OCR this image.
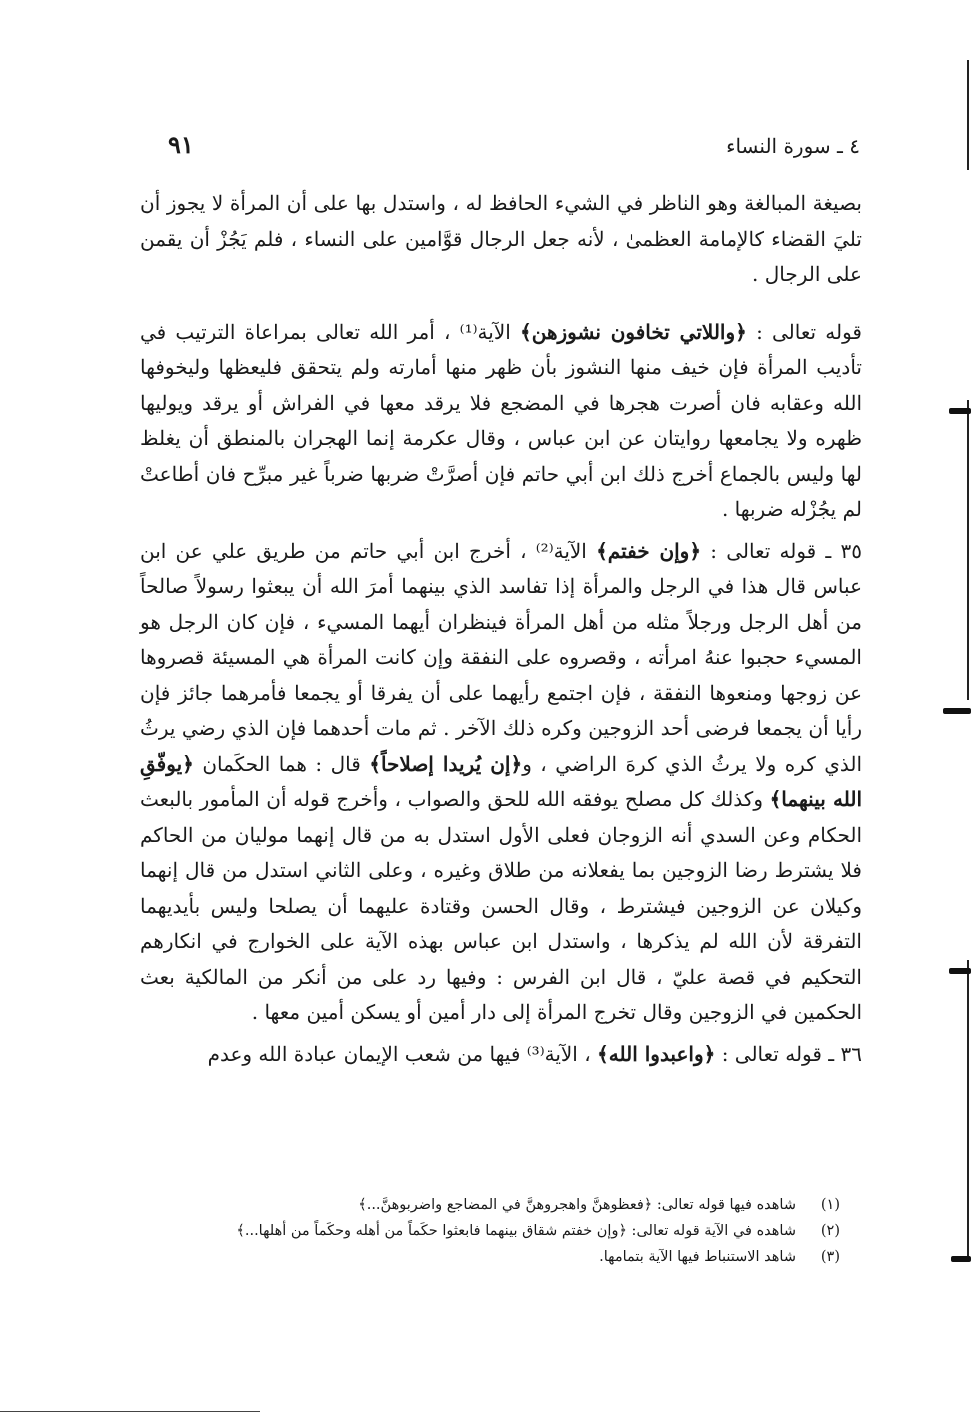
٩١	٤ ـ سورة النساء

بصيغة المبالغة وهو الناظر في الشيء الحافظ له ، واستدل بها على أن المرأة لا يجوز أن تليَ القضاء كالإمامة العظمىٰ ، لأنه جعل الرجال قوَّامين على النساء ، فلم يَجُزْ أن يقمن على الرجال .

قوله تعالى : ﴿واللاتي تخافون نشوزهن﴾ الآية⁽¹⁾ ، أمر الله تعالى بمراعاة الترتيب في تأديب المرأة فإن خيف منها النشوز بأن ظهر منها أمارته ولم يتحقق فليعظها وليخوفها الله وعقابه فان أصرت هجرها في المضجع فلا يرقد معها في الفراش أو يرقد ويوليها ظهره ولا يجامعها روايتان عن ابن عباس ، وقال عكرمة إنما الهجران بالمنطق أن يغلظ لها وليس بالجماع أخرج ذلك ابن أبي حاتم فإن أصرَّتْ ضربها ضرباً غير مبرِّح فان أطاعتْ لم يجُزْله ضربها .

٣٥ ـ قوله تعالى : ﴿وإن خفتم﴾ الآية⁽²⁾ ، أخرج ابن أبي حاتم من طريق علي عن ابن عباس قال هذا في الرجل والمرأة إذا تفاسد الذي بينهما أمرَ الله أن يبعثوا رسولاً صالحاً من أهل الرجل ورجلاً مثله من أهل المرأة فينظران أيهما المسيء ، فإن كان الرجل هو المسيء حجبوا عنهُ امرأته ، وقصروه على النفقة وإن كانت المرأة هي المسيئة قصروها عن زوجها ومنعوها النفقة ، فإن اجتمع رأيهما على أن يفرقا أو يجمعا فأمرهما جائز فإن رأيا أن يجمعا فرضى أحد الزوجين وكره ذلك الآخر . ثم مات أحدهما فإن الذي رضي يرثُ الذي كره ولا يرثُ الذي كرهَ الراضي ، و﴿إن يُريدا إصلاحاً﴾ قال : هما الحكَمان ﴿يوفّقِ الله بينهما﴾ وكذلك كل مصلح يوفقه الله للحق والصواب ، وأخرج قوله أن المأمور بالبعث الحكام وعن السدي أنه الزوجان فعلى الأول استدل به من قال إنهما موليان من الحاكم فلا يشترط رضا الزوجين بما يفعلانه من طلاق وغيره ، وعلى الثاني استدل من قال إنهما وكيلان عن الزوجين فيشترط ، وقال الحسن وقتادة عليهما أن يصلحا وليس بأيديهما التفرقة لأن الله لم يذكرها ، واستدل ابن عباس بهذه الآية على الخوارج في انكارهم التحكيم في قصة عليّ ، قال ابن الفرس : وفيها رد على من أنكر من المالكية بعث الحكمين في الزوجين وقال تخرج المرأة إلى دار أمين أو يسكن أمين معها .

٣٦ ـ قوله تعالى : ﴿واعبدوا الله﴾ ، الآية⁽³⁾ فيها من شعب الإيمان عبادة الله وعدم

(١)
شاهده فيها قوله تعالى: ﴿فعظوهنَّ واهجروهنَّ في المضاجع واضربوهنَّ...﴾
(٢)
شاهده في الآية قوله تعالى: ﴿وإن خفتم شقاق بينهما فابعثوا حكَماً من أهله وحكَماً من أهلها...﴾
(٣)
شاهد الاستنباط فيها الآية بتمامها.
